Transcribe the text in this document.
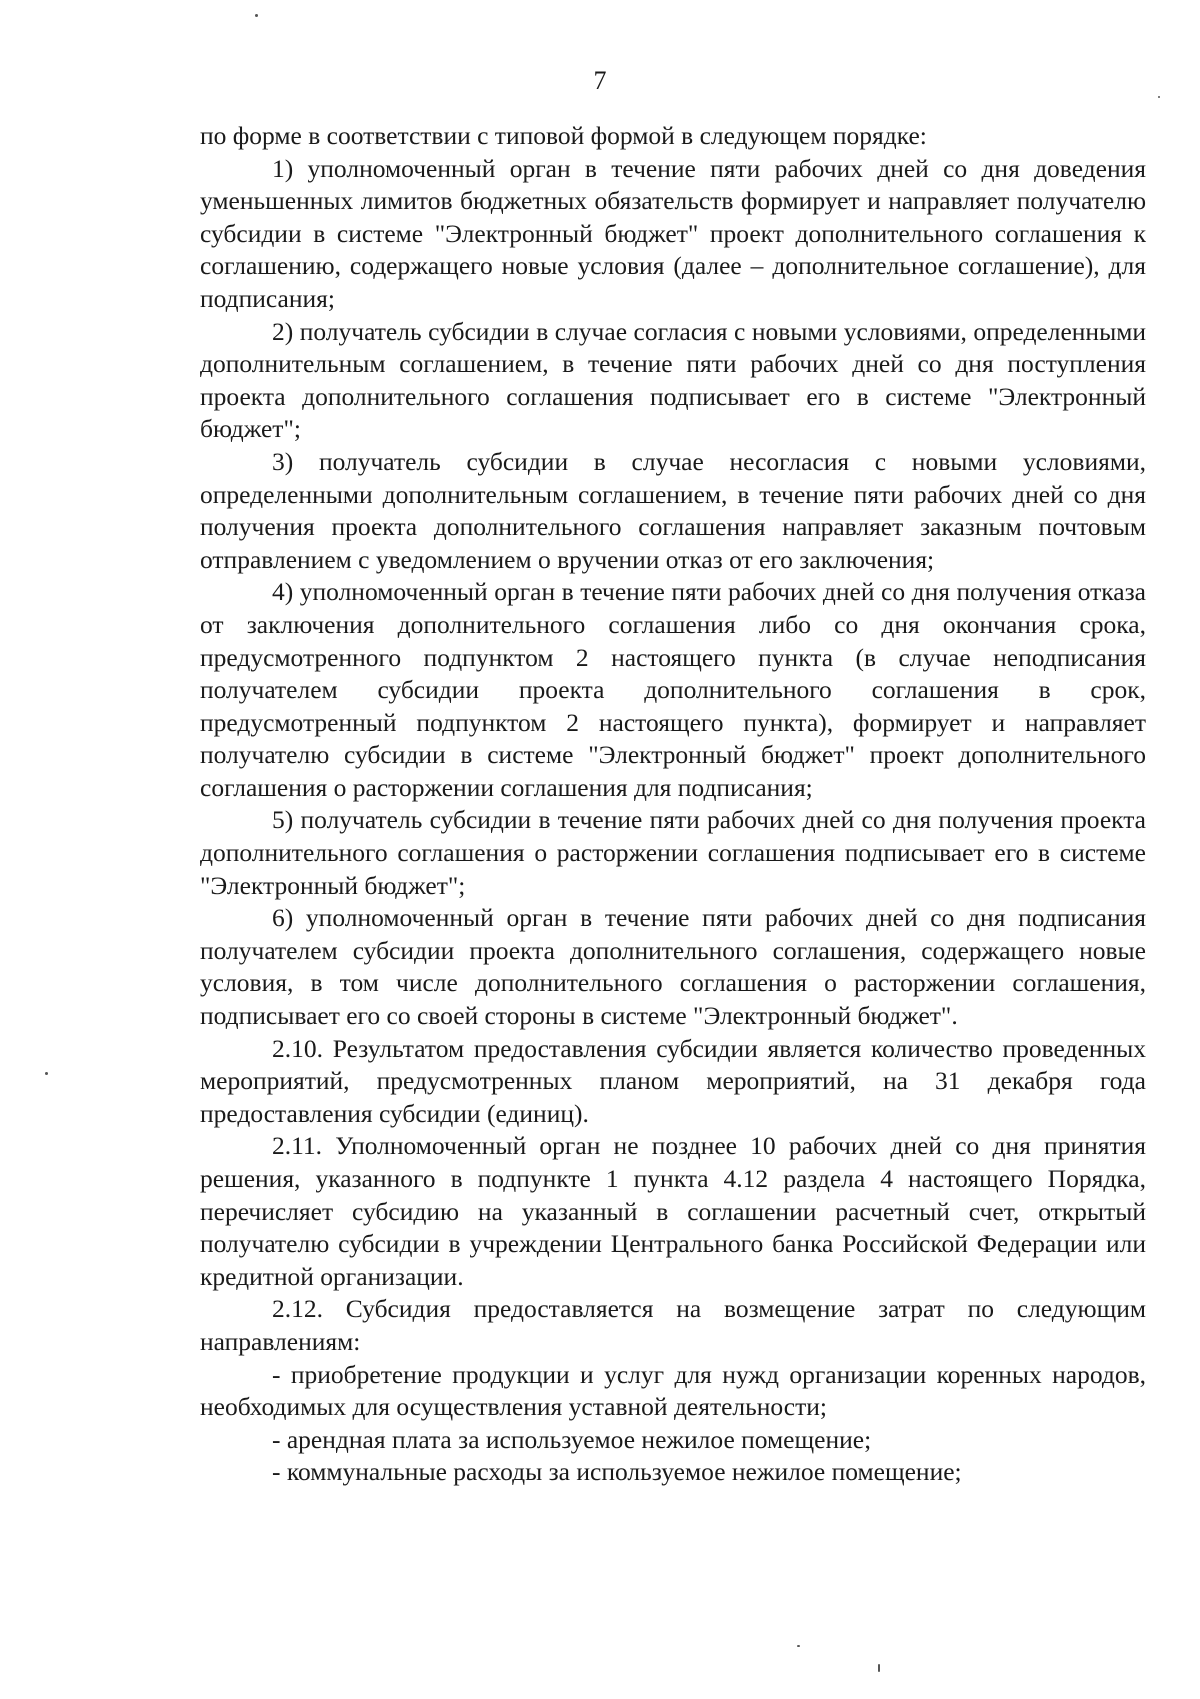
7

по форме в соответствии с типовой формой в следующем порядке:

1) уполномоченный орган в течение пяти рабочих дней со дня доведения уменьшенных лимитов бюджетных обязательств формирует и направляет получателю субсидии в системе "Электронный бюджет" проект дополнительного соглашения к соглашению, содержащего новые условия (далее – дополнительное соглашение), для подписания;

2) получатель субсидии в случае согласия с новыми условиями, определенными дополнительным соглашением, в течение пяти рабочих дней со дня поступления проекта дополнительного соглашения подписывает его в системе "Электронный бюджет";

3) получатель субсидии в случае несогласия с новыми условиями, определенными дополнительным соглашением, в течение пяти рабочих дней со дня получения проекта дополнительного соглашения направляет заказным почтовым отправлением с уведомлением о вручении отказ от его заключения;

4) уполномоченный орган в течение пяти рабочих дней со дня получения отказа от заключения дополнительного соглашения либо со дня окончания срока, предусмотренного подпунктом 2 настоящего пункта (в случае неподписания получателем субсидии проекта дополнительного соглашения в срок, предусмотренный подпунктом 2 настоящего пункта), формирует и направляет получателю субсидии в системе "Электронный бюджет" проект дополнительного соглашения о расторжении соглашения для подписания;

5) получатель субсидии в течение пяти рабочих дней со дня получения проекта дополнительного соглашения о расторжении соглашения подписывает его в системе "Электронный бюджет";

6) уполномоченный орган в течение пяти рабочих дней со дня подписания получателем субсидии проекта дополнительного соглашения, содержащего новые условия, в том числе дополнительного соглашения о расторжении соглашения, подписывает его со своей стороны в системе "Электронный бюджет".

2.10. Результатом предоставления субсидии является количество проведенных мероприятий, предусмотренных планом мероприятий, на 31 декабря года предоставления субсидии (единиц).

2.11. Уполномоченный орган не позднее 10 рабочих дней со дня принятия решения, указанного в подпункте 1 пункта 4.12 раздела 4 настоящего Порядка, перечисляет субсидию на указанный в соглашении расчетный счет, открытый получателю субсидии в учреждении Центрального банка Российской Федерации или кредитной организации.

2.12. Субсидия предоставляется на возмещение затрат по следующим направлениям:

- приобретение продукции и услуг для нужд организации коренных народов, необходимых для осуществления уставной деятельности;

- арендная плата за используемое нежилое помещение;

- коммунальные расходы за используемое нежилое помещение;
